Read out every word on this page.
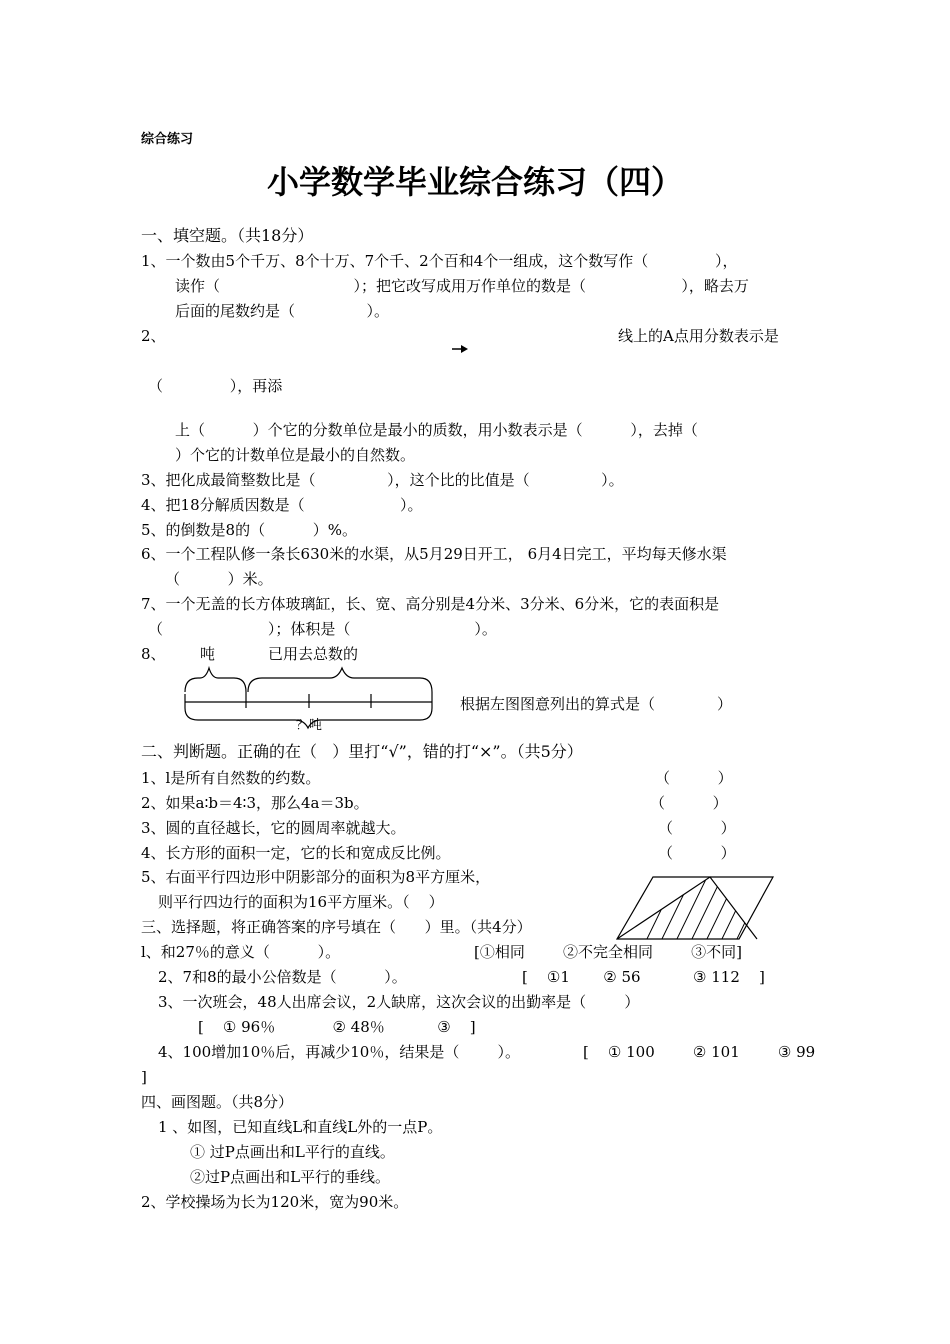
综合练习
小学数学毕业综合练习（四）
一、填空题。（共18分）
1、一个数由5个千万、8个十万、7个千、2个百和4个一组成，这个数写作（              ），
读作（                            ）；把它改写成用万作单位的数是（                    ），略去万
后面的尾数约是（               ）。
2、	线上的A点用分数表示是
（              ），再添
上（          ）个它的分数单位是最小的质数，用小数表示是（          ），去掉（
）个它的计数单位是最小的自然数。
3、把化成最简整数比是（               ），这个比的比值是（               ）。
4、把18分解质因数是（                    ）。
5、的倒数是8的（          ）%。
6、一个工程队修一条长630米的水渠，从5月29日开工， 6月4日完工，平均每天修水渠
（          ）米。
7、一个无盖的长方体玻璃缸，长、宽、高分别是4分米、3分米、6分米，它的表面积是
（                      ）；体积是（                          ）。
8、 吨	已用去总数的
根据左图图意列出的算式是（             ）
？吨
二、判断题。正确的在（   ）里打“√”，错的打“×”。（共5分）
1、l是所有自然数的约数。	（          ）
2、如果a∶b＝4∶3，那么4a＝3b。	（          ）
3、圆的直径越长，它的圆周率就越大。	（          ）
4、长方形的面积一定，它的长和宽成反比例。	（          ）
5、右面平行四边形中阴影部分的面积为8平方厘米，
则平行四边行的面积为16平方厘米。（    ）
三、选择题，将正确答案的序号填在（      ）里。（共4分）
l、和27％的意义（          ）。	[①相同        ②不完全相同        ③不同]
2、7和8的最小公倍数是（          ）。	[    ①1       ② 56           ③ 112    ]
3、一次班会，48人出席会议，2人缺席，这次会议的出勤率是（        ）
[    ① 96％            ② 48％           ③    ]
4、100增加10％后，再减少10％，结果是（        ）。	[    ① 100        ② 101        ③ 99
]
四、画图题。（共8分）
1 、如图，已知直线L和直线L外的一点P。
① 过P点画出和L平行的直线。
②过P点画出和L平行的垂线。
2、学校操场为长为120米，宽为90米。
